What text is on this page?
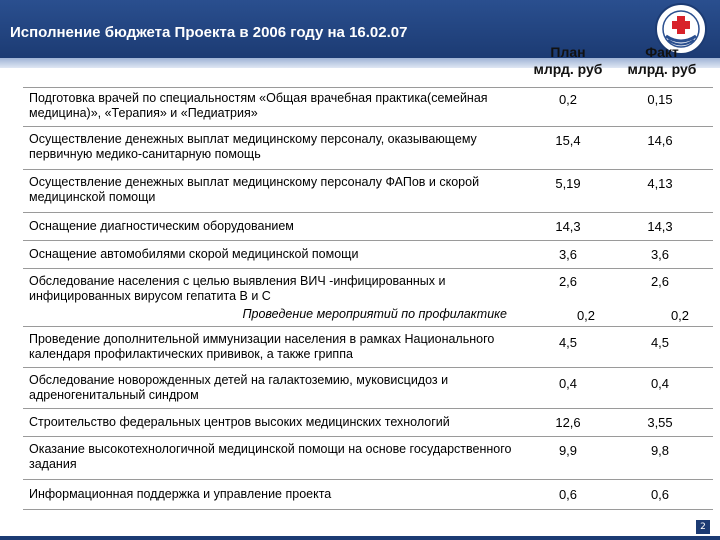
Исполнение бюджета Проекта в 2006 году на 16.02.07
План
млрд. руб
Факт
млрд. руб
Подготовка врачей по специальностям «Общая врачебная практика(семейная медицина)», «Терапия» и «Педиатрия»
0,2	0,15
Осуществление денежных выплат медицинскому персоналу, оказывающему первичную медико-санитарную помощь
15,4	14,6
Осуществление денежных выплат медицинскому персоналу ФАПов и скорой медицинской помощи
5,19	4,13
Оснащение диагностическим оборудованием	14,3	14,3
Оснащение автомобилями скорой медицинской помощи	3,6	3,6
Обследование населения с целью выявления ВИЧ -инфицированных и инфицированных вирусом гепатита В и С
2,6	2,6
Проведение мероприятий по профилактике	0,2	0,2
Проведение дополнительной иммунизации населения в рамках Национального календаря профилактических прививок, а также гриппа
4,5	4,5
Обследование новорожденных детей на галактоземию, муковисцидоз и адреногенитальный синдром
0,4	0,4
Строительство федеральных центров высоких медицинских технологий	12,6	3,55
Оказание высокотехнологичной медицинской помощи на основе государственного задания
9,9	9,8
Информационная поддержка и управление проекта	0,6	0,6
2
